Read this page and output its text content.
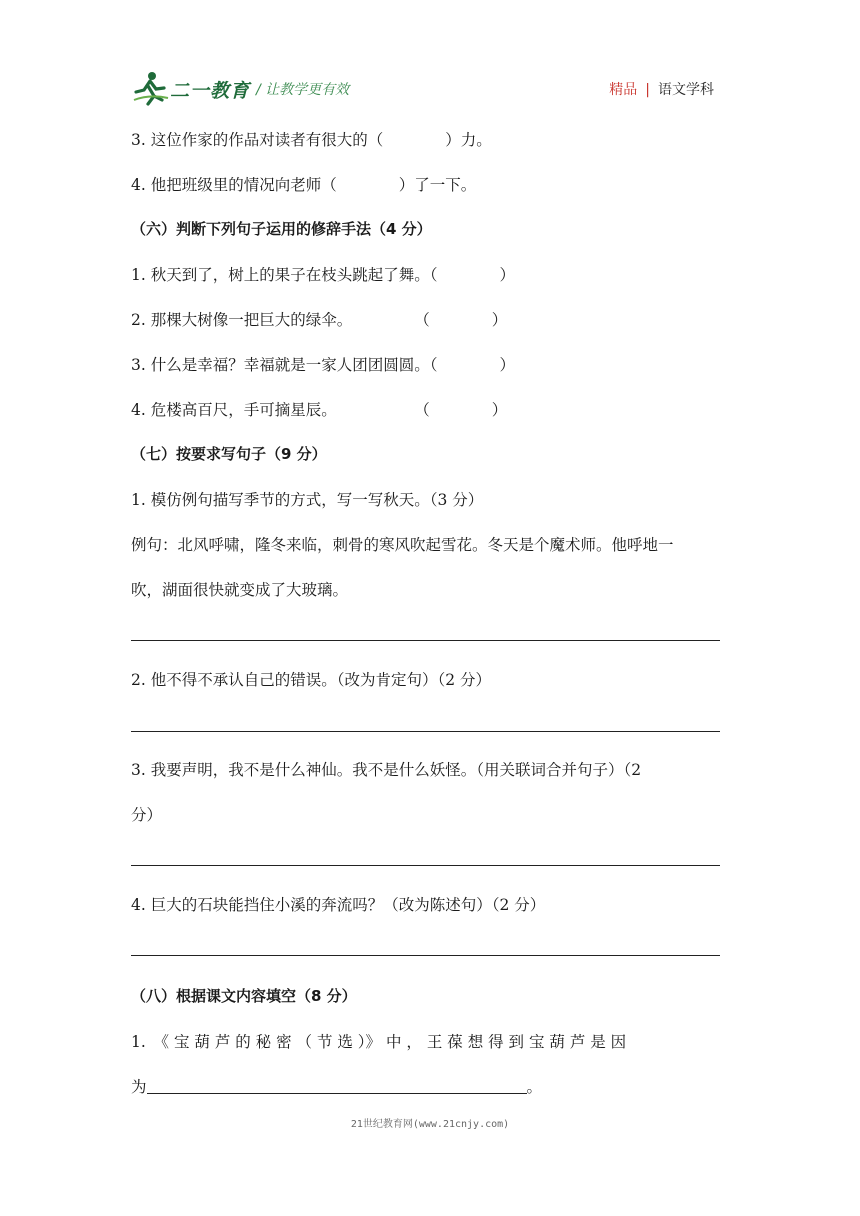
二一教育 / 让教学更有效	精品 | 语文学科
3. 这位作家的作品对读者有很大的（　　　　）力。
4. 他把班级里的情况向老师（　　　　）了一下。
（六）判断下列句子运用的修辞手法（4 分）
1. 秋天到了，树上的果子在枝头跳起了舞。（　　　　）
2. 那棵大树像一把巨大的绿伞。　　　　　（　　　　）
3. 什么是幸福？幸福就是一家人团团圆圆。（　　　　）
4. 危楼高百尺，手可摘星辰。　　　　　　（　　　　）
（七）按要求写句子（9 分）
1. 模仿例句描写季节的方式，写一写秋天。（3 分）
例句：北风呼啸，隆冬来临，刺骨的寒风吹起雪花。冬天是个魔术师。他呼地一
吹，湖面很快就变成了大玻璃。
2. 他不得不承认自己的错误。（改为肯定句）（2 分）
3. 我要声明，我不是什么神仙。我不是什么妖怪。（用关联词合并句子）（2
分）
4. 巨大的石块能挡住小溪的奔流吗？（改为陈述句）（2 分）
（八）根据课文内容填空（8 分）
1.　《 宝 葫 芦 的 秘 密 （ 节 选 ）》 中 ， 王 葆 想 得 到 宝 葫 芦 是 因
为	。
21世纪教育网(www.21cnjy.com)
